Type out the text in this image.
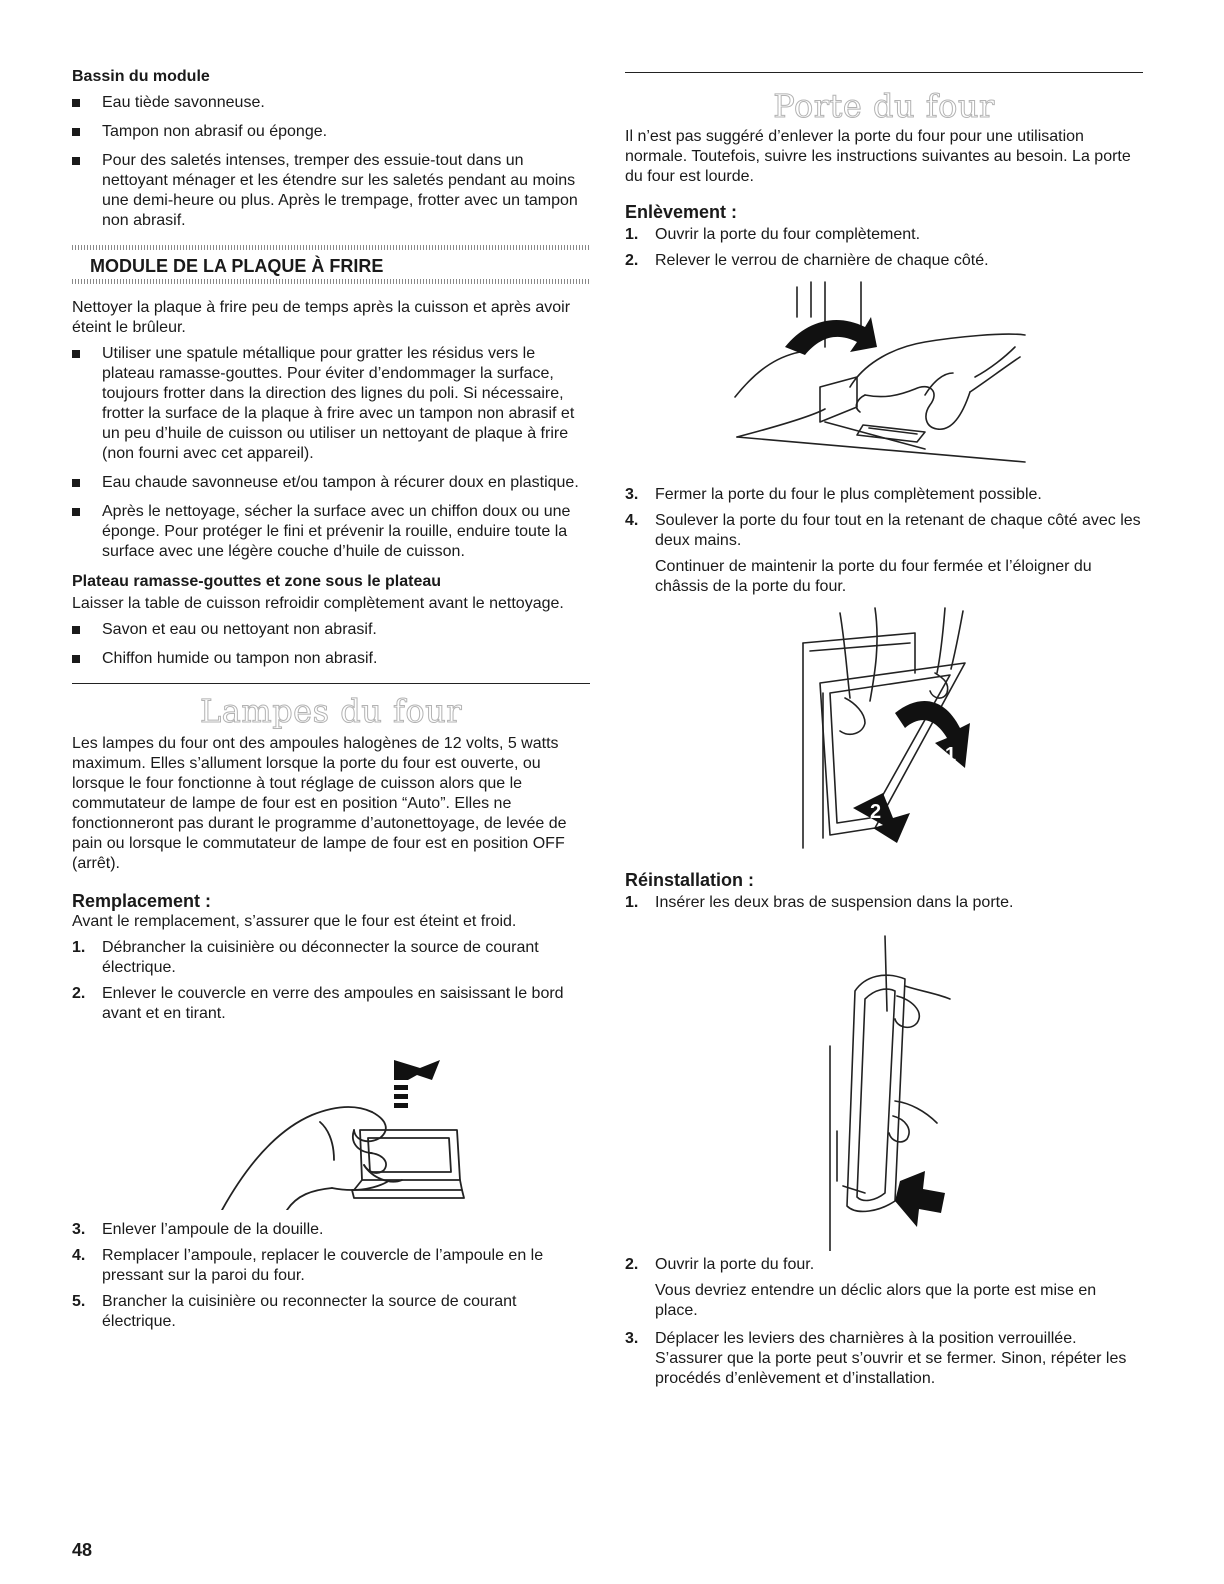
Bassin du module

Eau tiède savonneuse.
Tampon non abrasif ou éponge.
Pour des saletés intenses, tremper des essuie-tout dans un nettoyant ménager et les étendre sur les saletés pendant au moins une demi-heure ou plus. Après le trempage, frotter avec un tampon non abrasif.

MODULE DE LA PLAQUE À FRIRE

Nettoyer la plaque à frire peu de temps après la cuisson et après avoir éteint le brûleur.

Utiliser une spatule métallique pour gratter les résidus vers le plateau ramasse-gouttes. Pour éviter d’endommager la surface, toujours frotter dans la direction des lignes du poli. Si nécessaire, frotter la surface de la plaque à frire avec un tampon non abrasif et un peu d’huile de cuisson ou utiliser un nettoyant de plaque à frire (non fourni avec cet appareil).
Eau chaude savonneuse et/ou tampon à récurer doux en plastique.
Après le nettoyage, sécher la surface avec un chiffon doux ou une éponge. Pour protéger le fini et prévenir la rouille, enduire toute la surface avec une légère couche d’huile de cuisson.

Plateau ramasse-gouttes et zone sous le plateau

Laisser la table de cuisson refroidir complètement avant le nettoyage.

Savon et eau ou nettoyant non abrasif.
Chiffon humide ou tampon non abrasif.

Lampes du four

Les lampes du four ont des ampoules halogènes de 12 volts, 5 watts maximum. Elles s’allument lorsque la porte du four est ouverte, ou lorsque le four fonctionne à tout réglage de cuisson alors que le commutateur de lampe de four est en position “Auto”. Elles ne fonctionneront pas durant le programme d’autonettoyage, de levée de pain ou lorsque le commutateur de lampe de four est en position OFF (arrêt).

Remplacement :

Avant le remplacement, s’assurer que le four est éteint et froid.

1. Débrancher la cuisinière ou déconnecter la source de courant électrique.
2. Enlever le couvercle en verre des ampoules en saisissant le bord avant et en tirant.
3. Enlever l’ampoule de la douille.
4. Remplacer l’ampoule, replacer le couvercle de l’ampoule en le pressant sur la paroi du four.
5. Brancher la cuisinière ou reconnecter la source de courant électrique.

Porte du four

Il n’est pas suggéré d’enlever la porte du four pour une utilisation normale. Toutefois, suivre les instructions suivantes au besoin. La porte du four est lourde.

Enlèvement :

1. Ouvrir la porte du four complètement.
2. Relever le verrou de charnière de chaque côté.
3. Fermer la porte du four le plus complètement possible.
4. Soulever la porte du four tout en la retenant de chaque côté avec les deux mains.

Continuer de maintenir la porte du four fermée et l’éloigner du châssis de la porte du four.

1
2

Réinstallation :

1. Insérer les deux bras de suspension dans la porte.
2. Ouvrir la porte du four.

Vous devriez entendre un déclic alors que la porte est mise en place.

3. Déplacer les leviers des charnières à la position verrouillée. S’assurer que la porte peut s’ouvrir et se fermer. Sinon, répéter les procédés d’enlèvement et d’installation.
48
